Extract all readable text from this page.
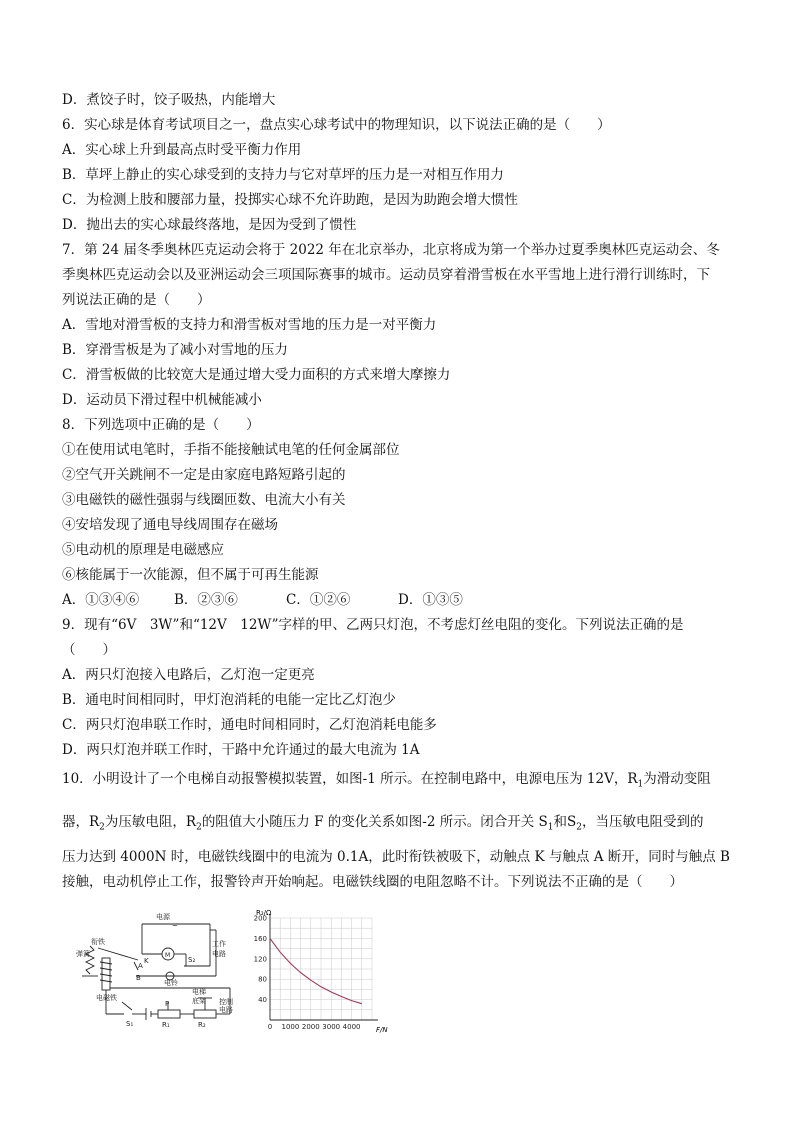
D．煮饺子时，饺子吸热，内能增大
6．实心球是体育考试项目之一，盘点实心球考试中的物理知识，以下说法正确的是（　　）
A．实心球上升到最高点时受平衡力作用
B．草坪上静止的实心球受到的支持力与它对草坪的压力是一对相互作用力
C．为检测上肢和腰部力量，投掷实心球不允许助跑，是因为助跑会增大惯性
D．抛出去的实心球最终落地，是因为受到了惯性
7．第 24 届冬季奥林匹克运动会将于 2022 年在北京举办，北京将成为第一个举办过夏季奥林匹克运动会、冬
季奥林匹克运动会以及亚洲运动会三项国际赛事的城市。运动员穿着滑雪板在水平雪地上进行滑行训练时，下
列说法正确的是（　　）
A．雪地对滑雪板的支持力和滑雪板对雪地的压力是一对平衡力
B．穿滑雪板是为了减小对雪地的压力
C．滑雪板做的比较宽大是通过增大受力面积的方式来增大摩擦力
D．运动员下滑过程中机械能减小
8．下列选项中正确的是（　　）
①在使用试电笔时，手指不能接触试电笔的任何金属部位
②空气开关跳闸不一定是由家庭电路短路引起的
③电磁铁的磁性强弱与线圈匝数、电流大小有关
④安培发现了通电导线周围存在磁场
⑤电动机的原理是电磁感应
⑥核能属于一次能源，但不属于可再生能源
A．①③④⑥	B．②③⑥	C．①②⑥	D．①③⑤
9．现有“6V　3W”和“12V　12W”字样的甲、乙两只灯泡，不考虑灯丝电阻的变化。下列说法正确的是
（　　）
A．两只灯泡接入电路后，乙灯泡一定更亮
B．通电时间相同时，甲灯泡消耗的电能一定比乙灯泡少
C．两只灯泡串联工作时，通电时间相同时，乙灯泡消耗电能多
D．两只灯泡并联工作时，干路中允许通过的最大电流为 1A
10．小明设计了一个电梯自动报警模拟装置，如图-1 所示。在控制电路中，电源电压为 12V，$R_1$为滑动变阻
器，$R_2$为压敏电阻，$R_2$的阻值大小随压力 F 的变化关系如图-2 所示。闭合开关 $S_1$和$S_2$，当压敏电阻受到的
压力达到 4000N 时，电磁铁线圈中的电流为 0.1A，此时衔铁被吸下，动触点 K 与触点 A 断开，同时与触点 B
接触，电动机停止工作，报警铃声开始响起。电磁铁线圈的电阻忽略不计。下列说法不正确的是（　　）
电源
~
M
工作
电路
S₂
衔铁
弹簧
电磁铁
电铃
A
B
K
电梯
底架 控制
电路
P
S₁	R₁	R₂	0 1000 2000 3000 4000
40
80
120
160
200
R₂/Ω
F/N
